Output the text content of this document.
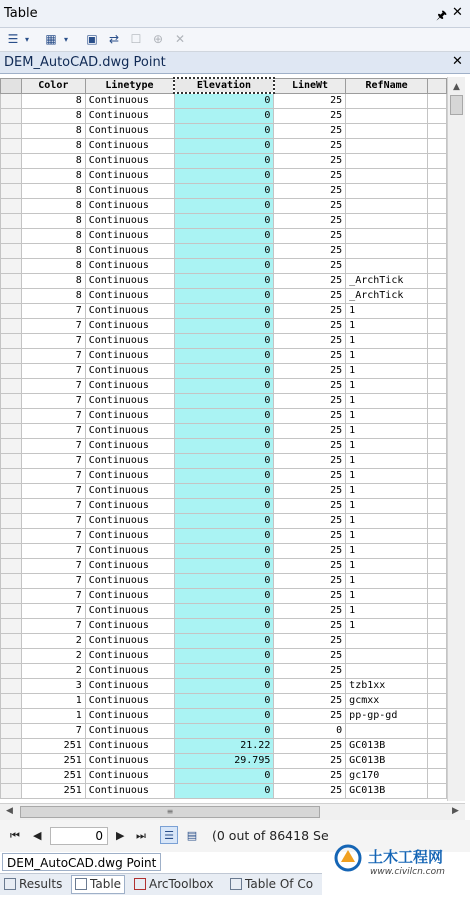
Table	🖈 ✕
☰ ▾ ▦ ▾ ▣ ⇄ ☐ ⊕ ✕
DEM_AutoCAD.dwg Point	✕
	Color	Linetype	Elevation	LineWt	RefName	
	8	Continuous	0	25		
	8	Continuous	0	25		
	8	Continuous	0	25		
	8	Continuous	0	25		
	8	Continuous	0	25		
	8	Continuous	0	25		
	8	Continuous	0	25		
	8	Continuous	0	25		
	8	Continuous	0	25		
	8	Continuous	0	25		
	8	Continuous	0	25		
	8	Continuous	0	25		
	8	Continuous	0	25	_ArchTick	
	8	Continuous	0	25	_ArchTick	
	7	Continuous	0	25	1	
	7	Continuous	0	25	1	
	7	Continuous	0	25	1	
	7	Continuous	0	25	1	
	7	Continuous	0	25	1	
	7	Continuous	0	25	1	
	7	Continuous	0	25	1	
	7	Continuous	0	25	1	
	7	Continuous	0	25	1	
	7	Continuous	0	25	1	
	7	Continuous	0	25	1	
	7	Continuous	0	25	1	
	7	Continuous	0	25	1	
	7	Continuous	0	25	1	
	7	Continuous	0	25	1	
	7	Continuous	0	25	1	
	7	Continuous	0	25	1	
	7	Continuous	0	25	1	
	7	Continuous	0	25	1	
	7	Continuous	0	25	1	
	7	Continuous	0	25	1	
	7	Continuous	0	25	1	
	2	Continuous	0	25		
	2	Continuous	0	25		
	2	Continuous	0	25		
	3	Continuous	0	25	tzb1xx	
	1	Continuous	0	25	gcmxx	
	1	Continuous	0	25	pp-gp-gd	
	7	Continuous	0	0		
	251	Continuous	21.22	25	GC013B	
	251	Continuous	29.795	25	GC013B	
	251	Continuous	0	25	gc170	
	251	Continuous	0	25	GC013B	
▲
◀	≡	▶
⏮ ◀	0	▶ ⏭	☰	▤	(0 out of 86418 Se
DEM_AutoCAD.dwg Point
Results	Table	ArcToolbox	Table Of Co
土木工程网
www.civilcn.com
